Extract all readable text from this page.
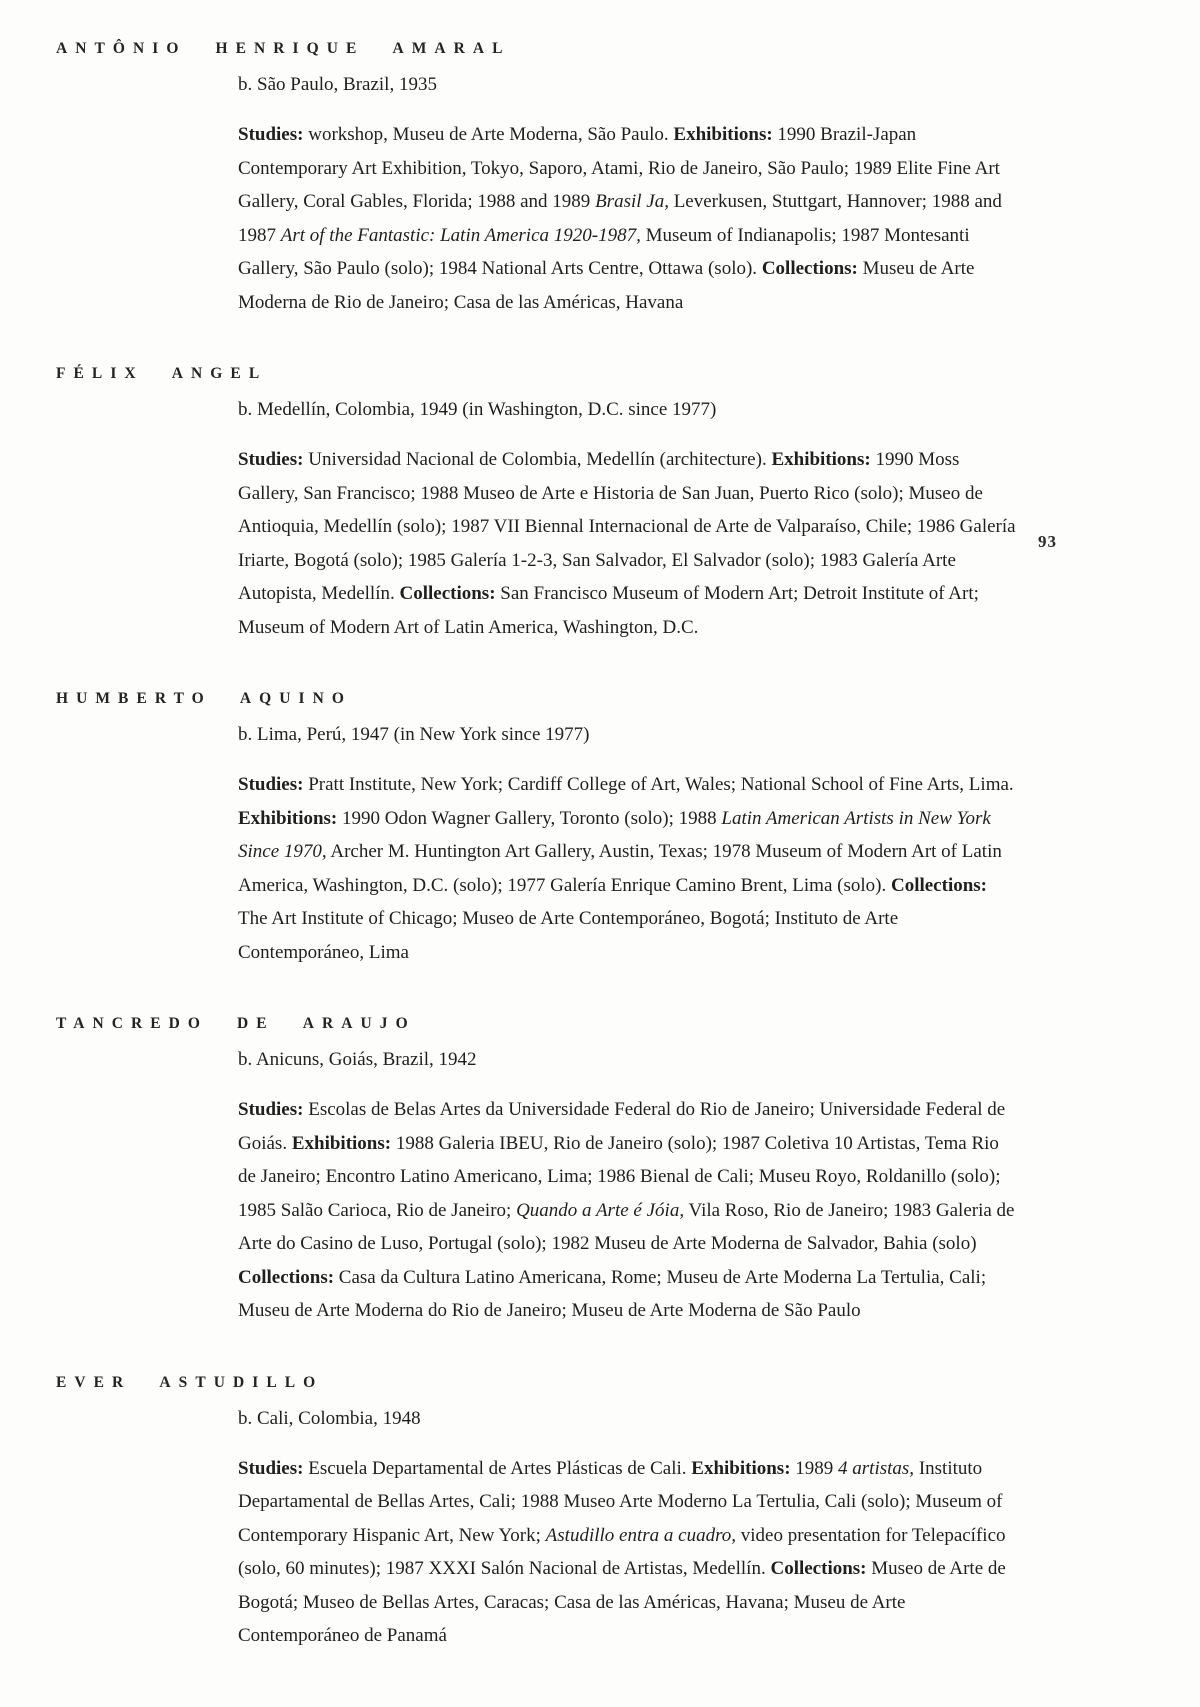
93
ANTÔNIO HENRIQUE AMARAL

b. São Paulo, Brazil, 1935

Studies: workshop, Museu de Arte Moderna, São Paulo. Exhibitions: 1990 Brazil-Japan Contemporary Art Exhibition, Tokyo, Saporo, Atami, Rio de Janeiro, São Paulo; 1989 Elite Fine Art Gallery, Coral Gables, Florida; 1988 and 1989 Brasil Ja, Leverkusen, Stuttgart, Hannover; 1988 and 1987 Art of the Fantastic: Latin America 1920-1987, Museum of Indianapolis; 1987 Montesanti Gallery, São Paulo (solo); 1984 National Arts Centre, Ottawa (solo). Collections: Museu de Arte Moderna de Rio de Janeiro; Casa de las Américas, Havana

FÉLIX ANGEL

b. Medellín, Colombia, 1949 (in Washington, D.C. since 1977)

Studies: Universidad Nacional de Colombia, Medellín (architecture). Exhibitions: 1990 Moss Gallery, San Francisco; 1988 Museo de Arte e Historia de San Juan, Puerto Rico (solo); Museo de Antioquia, Medellín (solo); 1987 VII Biennal Internacional de Arte de Valparaíso, Chile; 1986 Galería Iriarte, Bogotá (solo); 1985 Galería 1-2-3, San Salvador, El Salvador (solo); 1983 Galería Arte Autopista, Medellín. Collections: San Francisco Museum of Modern Art; Detroit Institute of Art; Museum of Modern Art of Latin America, Washington, D.C.

HUMBERTO AQUINO

b. Lima, Perú, 1947 (in New York since 1977)

Studies: Pratt Institute, New York; Cardiff College of Art, Wales; National School of Fine Arts, Lima. Exhibitions: 1990 Odon Wagner Gallery, Toronto (solo); 1988 Latin American Artists in New York Since 1970, Archer M. Huntington Art Gallery, Austin, Texas; 1978 Museum of Modern Art of Latin America, Washington, D.C. (solo); 1977 Galería Enrique Camino Brent, Lima (solo). Collections: The Art Institute of Chicago; Museo de Arte Contemporáneo, Bogotá; Instituto de Arte Contemporáneo, Lima

TANCREDO DE ARAUJO

b. Anicuns, Goiás, Brazil, 1942

Studies: Escolas de Belas Artes da Universidade Federal do Rio de Janeiro; Universidade Federal de Goiás. Exhibitions: 1988 Galeria IBEU, Rio de Janeiro (solo); 1987 Coletiva 10 Artistas, Tema Rio de Janeiro; Encontro Latino Americano, Lima; 1986 Bienal de Cali; Museu Royo, Roldanillo (solo); 1985 Salão Carioca, Rio de Janeiro; Quando a Arte é Jóia, Vila Roso, Rio de Janeiro; 1983 Galeria de Arte do Casino de Luso, Portugal (solo); 1982 Museu de Arte Moderna de Salvador, Bahia (solo) Collections: Casa da Cultura Latino Americana, Rome; Museu de Arte Moderna La Tertulia, Cali; Museu de Arte Moderna do Rio de Janeiro; Museu de Arte Moderna de São Paulo

EVER ASTUDILLO

b. Cali, Colombia, 1948

Studies: Escuela Departamental de Artes Plásticas de Cali. Exhibitions: 1989 4 artistas, Instituto Departamental de Bellas Artes, Cali; 1988 Museo Arte Moderno La Tertulia, Cali (solo); Museum of Contemporary Hispanic Art, New York; Astudillo entra a cuadro, video presentation for Telepacífico (solo, 60 minutes); 1987 XXXI Salón Nacional de Artistas, Medellín. Collections: Museo de Arte de Bogotá; Museo de Bellas Artes, Caracas; Casa de las Américas, Havana; Museu de Arte Contemporáneo de Panamá
